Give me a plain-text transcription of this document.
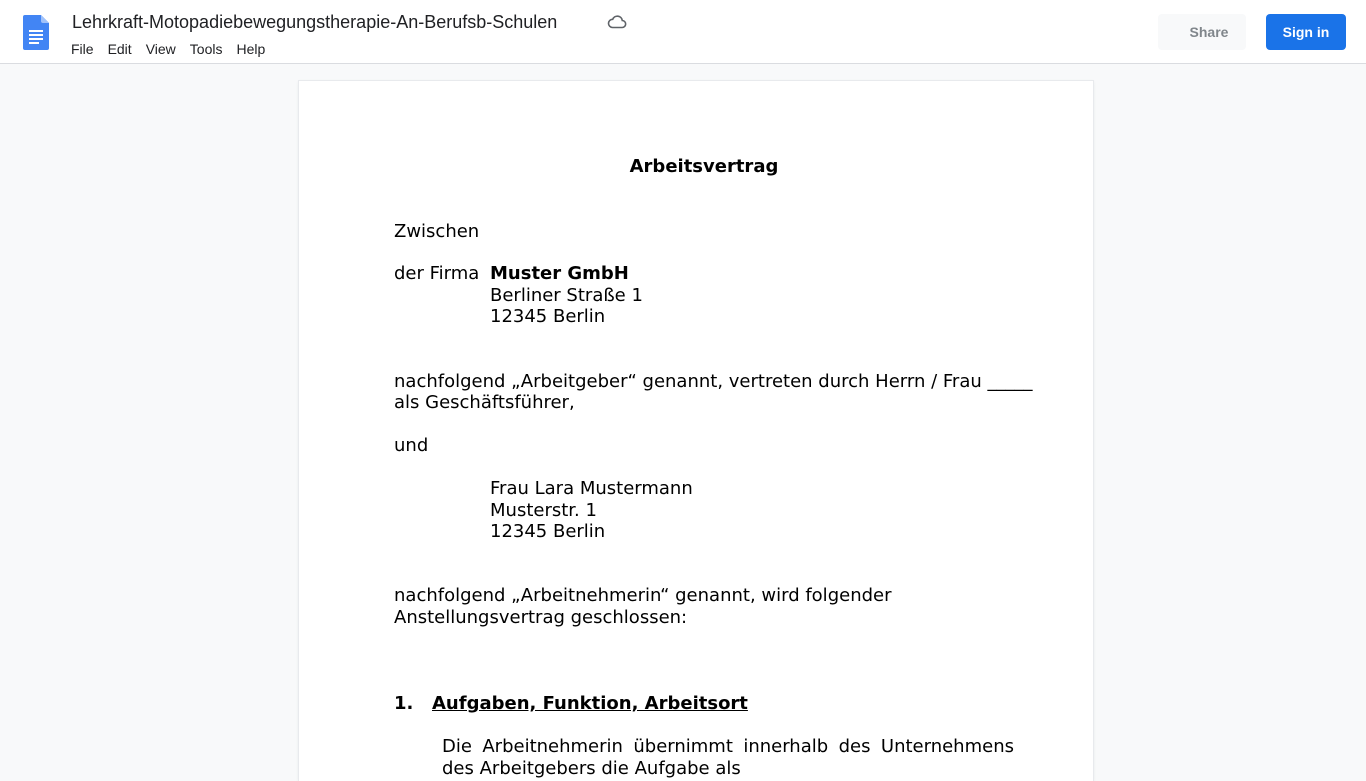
Lehrkraft-Motopadiebewegungstherapie-An-Berufsb-Schulen
File	Edit	View	Tools	Help
Share	Sign in
Arbeitsvertrag
Zwischen
der Firma Muster GmbH
Berliner Straße 1
12345 Berlin
nachfolgend „Arbeitgeber“ genannt, vertreten durch Herrn / Frau _____
als Geschäftsführer,
und
Frau Lara Mustermann
Musterstr. 1
12345 Berlin
nachfolgend „Arbeitnehmerin“ genannt, wird folgender
Anstellungsvertrag geschlossen:
1. Aufgaben, Funktion, Arbeitsort
Die Arbeitnehmerin übernimmt innerhalb des Unternehmens des Arbeitgebers die Aufgabe als
